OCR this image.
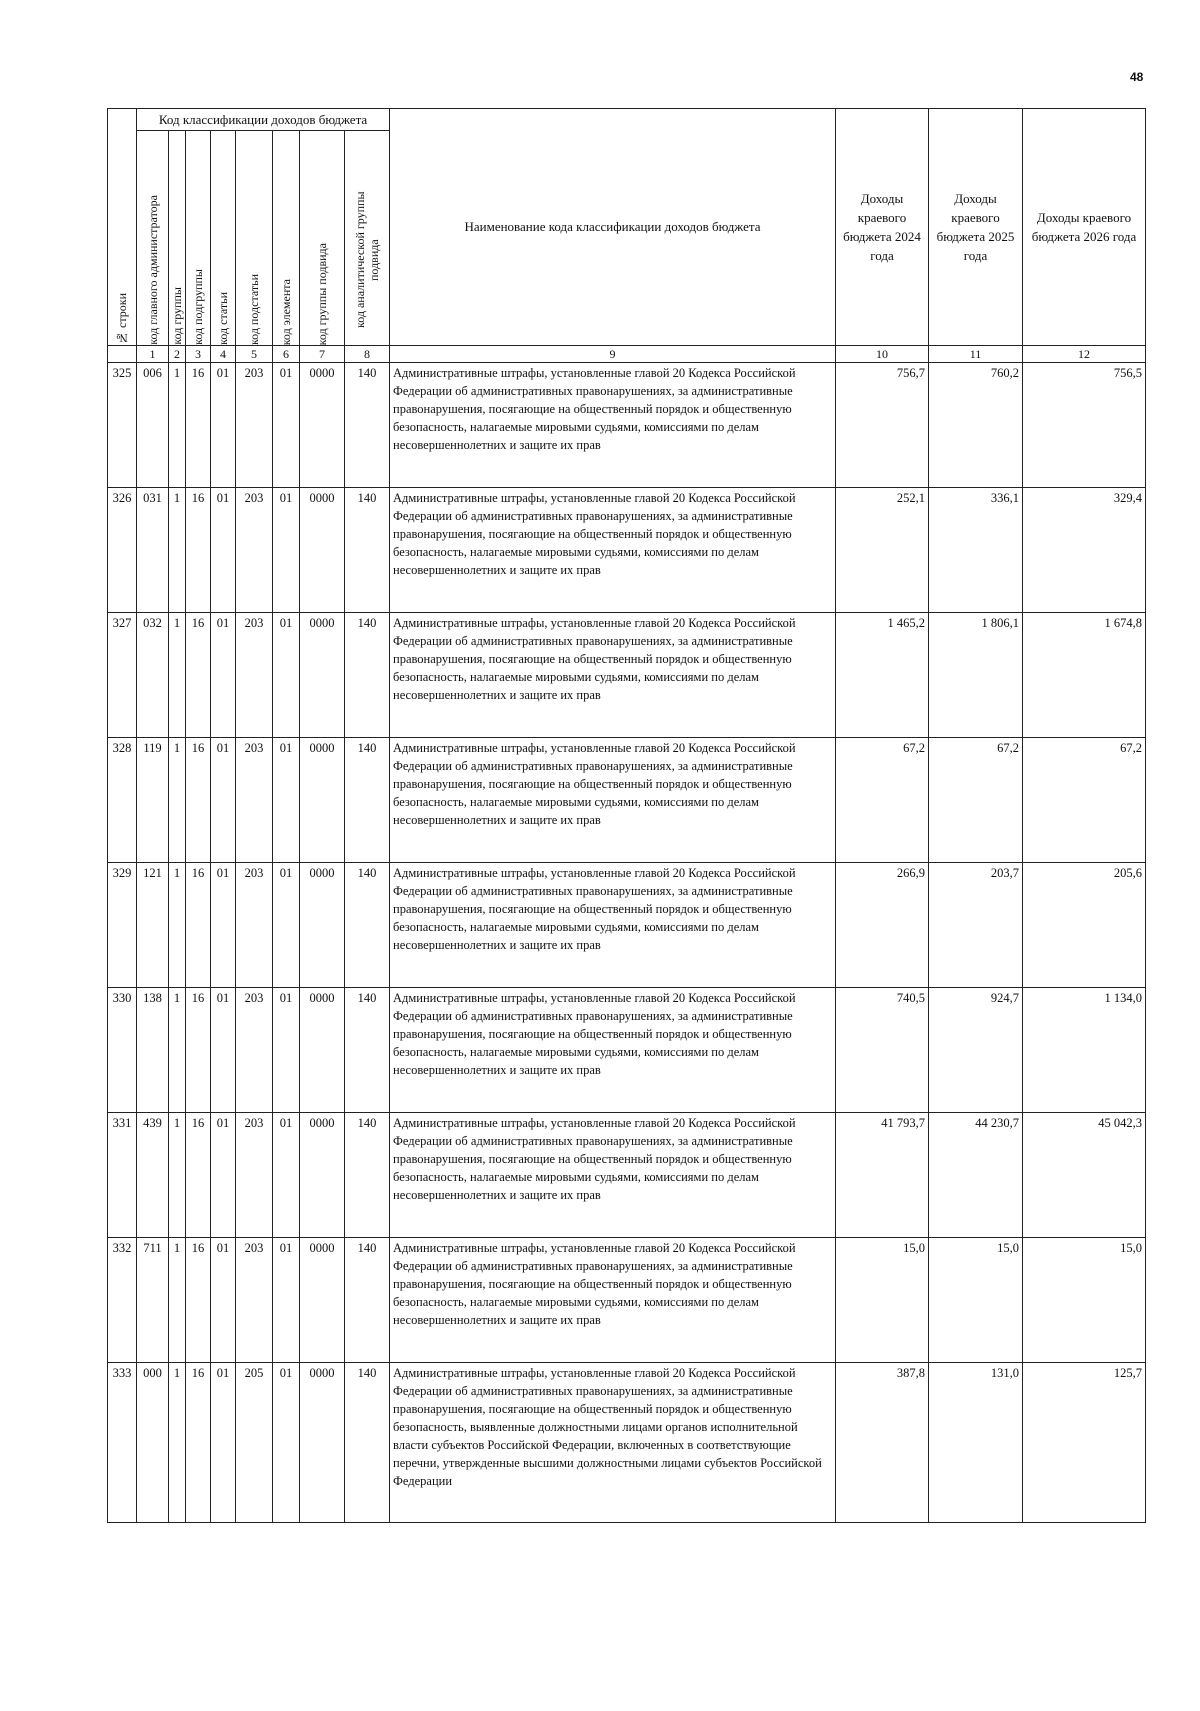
48
№ строки	Код классификации доходов бюджета								Наименование кода классификации доходов бюджета	Доходы краевого бюджета 2024 года	Доходы краевого бюджета 2025 года	Доходы краевого бюджета 2026 года

	код главного администратора	код группы	код подгруппы	код статьи	код подстатьи	код элемента	код группы подвида	код аналитической группы подвида				

	1	2	3	4	5	6	7	8	9	10	11	12
325	006	1	16	01	203	01	0000	140	Административные штрафы, установленные главой 20 Кодекса Российской Федерации об административных правонарушениях, за административные правонарушения, посягающие на общественный порядок и общественную безопасность, налагаемые мировыми судьями, комиссиями по делам несовершеннолетних и защите их прав	756,7	760,2	756,5
326	031	1	16	01	203	01	0000	140	Административные штрафы, установленные главой 20 Кодекса Российской Федерации об административных правонарушениях, за административные правонарушения, посягающие на общественный порядок и общественную безопасность, налагаемые мировыми судьями, комиссиями по делам несовершеннолетних и защите их прав	252,1	336,1	329,4
327	032	1	16	01	203	01	0000	140	Административные штрафы, установленные главой 20 Кодекса Российской Федерации об административных правонарушениях, за административные правонарушения, посягающие на общественный порядок и общественную безопасность, налагаемые мировыми судьями, комиссиями по делам несовершеннолетних и защите их прав	1 465,2	1 806,1	1 674,8
328	119	1	16	01	203	01	0000	140	Административные штрафы, установленные главой 20 Кодекса Российской Федерации об административных правонарушениях, за административные правонарушения, посягающие на общественный порядок и общественную безопасность, налагаемые мировыми судьями, комиссиями по делам несовершеннолетних и защите их прав	67,2	67,2	67,2
329	121	1	16	01	203	01	0000	140	Административные штрафы, установленные главой 20 Кодекса Российской Федерации об административных правонарушениях, за административные правонарушения, посягающие на общественный порядок и общественную безопасность, налагаемые мировыми судьями, комиссиями по делам несовершеннолетних и защите их прав	266,9	203,7	205,6
330	138	1	16	01	203	01	0000	140	Административные штрафы, установленные главой 20 Кодекса Российской Федерации об административных правонарушениях, за административные правонарушения, посягающие на общественный порядок и общественную безопасность, налагаемые мировыми судьями, комиссиями по делам несовершеннолетних и защите их прав	740,5	924,7	1 134,0
331	439	1	16	01	203	01	0000	140	Административные штрафы, установленные главой 20 Кодекса Российской Федерации об административных правонарушениях, за административные правонарушения, посягающие на общественный порядок и общественную безопасность, налагаемые мировыми судьями, комиссиями по делам несовершеннолетних и защите их прав	41 793,7	44 230,7	45 042,3
332	711	1	16	01	203	01	0000	140	Административные штрафы, установленные главой 20 Кодекса Российской Федерации об административных правонарушениях, за административные правонарушения, посягающие на общественный порядок и общественную безопасность, налагаемые мировыми судьями, комиссиями по делам несовершеннолетних и защите их прав	15,0	15,0	15,0
333	000	1	16	01	205	01	0000	140	Административные штрафы, установленные главой 20 Кодекса Российской Федерации об административных правонарушениях, за административные правонарушения, посягающие на общественный порядок и общественную безопасность, выявленные должностными лицами органов исполнительной власти субъектов Российской Федерации, включенных в соответствующие перечни, утвержденные высшими должностными лицами субъектов Российской Федерации	387,8	131,0	125,7
